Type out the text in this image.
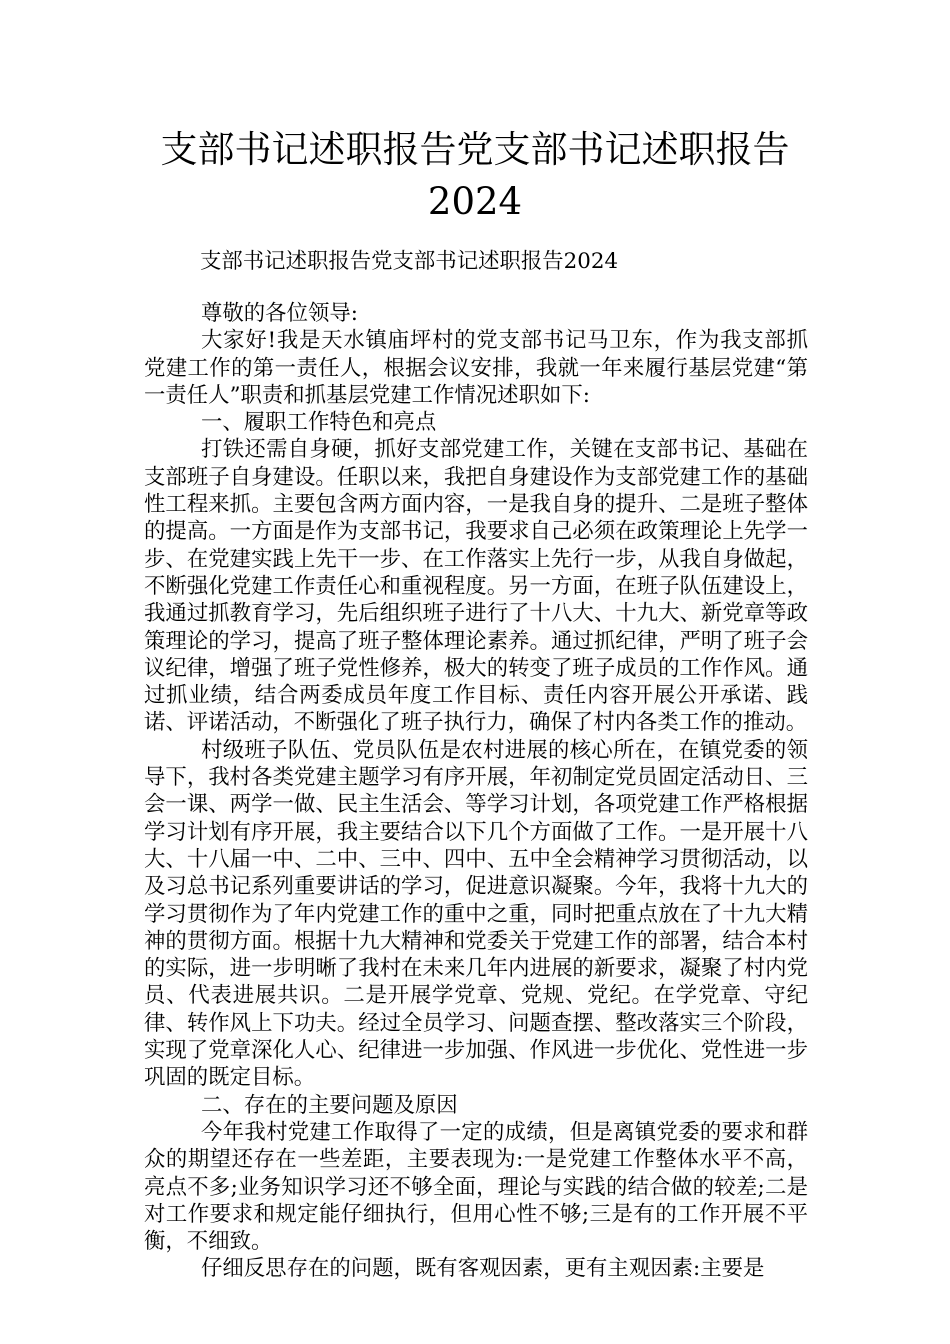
支部书记述职报告党支部书记述职报告
2024
支部书记述职报告党支部书记述职报告2024

尊敬的各位领导:

大家好!我是天水镇庙坪村的党支部书记马卫东，作为我支部抓党建工作的第一责任人，根据会议安排，我就一年来履行基层党建“第一责任人”职责和抓基层党建工作情况述职如下:

一、履职工作特色和亮点

打铁还需自身硬，抓好支部党建工作，关键在支部书记、基础在支部班子自身建设。任职以来，我把自身建设作为支部党建工作的基础性工程来抓。主要包含两方面内容，一是我自身的提升、二是班子整体的提高。一方面是作为支部书记，我要求自己必须在政策理论上先学一步、在党建实践上先干一步、在工作落实上先行一步，从我自身做起，不断强化党建工作责任心和重视程度。另一方面，在班子队伍建设上，我通过抓教育学习，先后组织班子进行了十八大、十九大、新党章等政策理论的学习，提高了班子整体理论素养。通过抓纪律，严明了班子会议纪律，增强了班子党性修养，极大的转变了班子成员的工作作风。通过抓业绩，结合两委成员年度工作目标、责任内容开展公开承诺、践诺、评诺活动，不断强化了班子执行力，确保了村内各类工作的推动。

村级班子队伍、党员队伍是农村进展的核心所在，在镇党委的领导下，我村各类党建主题学习有序开展，年初制定党员固定活动日、三会一课、两学一做、民主生活会、等学习计划，各项党建工作严格根据学习计划有序开展，我主要结合以下几个方面做了工作。一是开展十八大、十八届一中、二中、三中、四中、五中全会精神学习贯彻活动，以及习总书记系列重要讲话的学习，促进意识凝聚。今年，我将十九大的学习贯彻作为了年内党建工作的重中之重，同时把重点放在了十九大精神的贯彻方面。根据十九大精神和党委关于党建工作的部署，结合本村的实际，进一步明晰了我村在未来几年内进展的新要求，凝聚了村内党员、代表进展共识。二是开展学党章、党规、党纪。在学党章、守纪律、转作风上下功夫。经过全员学习、问题查摆、整改落实三个阶段，实现了党章深化人心、纪律进一步加强、作风进一步优化、党性进一步巩固的既定目标。

二、存在的主要问题及原因

今年我村党建工作取得了一定的成绩，但是离镇党委的要求和群众的期望还存在一些差距，主要表现为:一是党建工作整体水平不高，亮点不多;业务知识学习还不够全面，理论与实践的结合做的较差;二是对工作要求和规定能仔细执行，但用心性不够;三是有的工作开展不平衡，不细致。

仔细反思存在的问题，既有客观因素，更有主观因素:主要是
